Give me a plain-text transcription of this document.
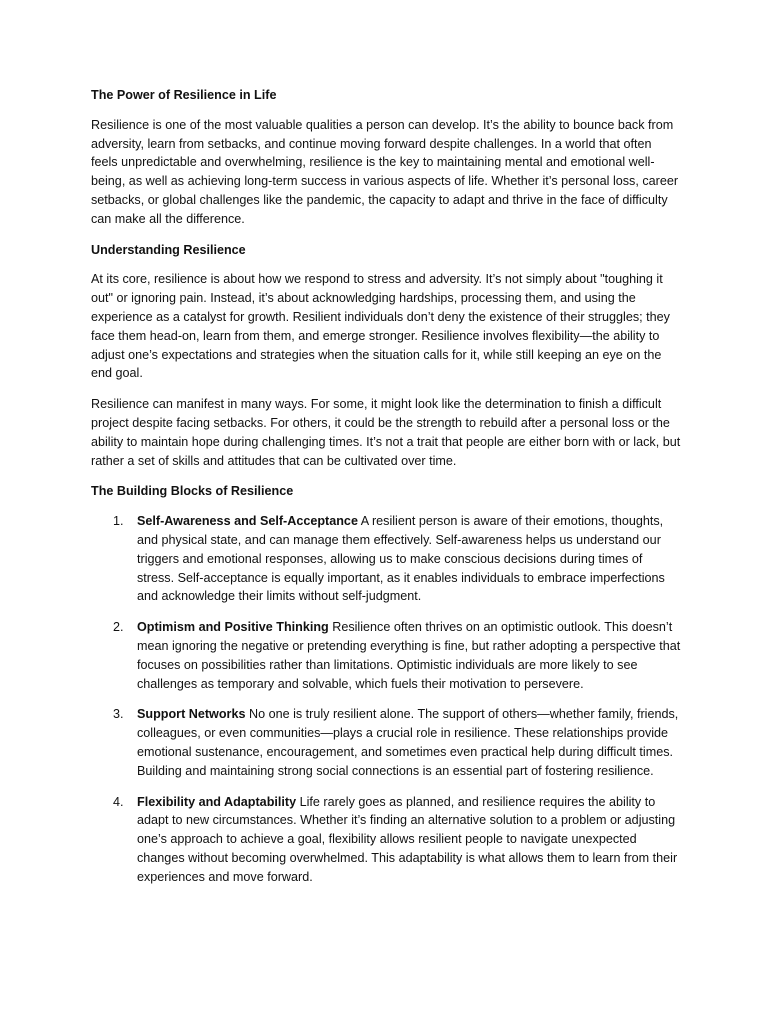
The Power of Resilience in Life

Resilience is one of the most valuable qualities a person can develop. It’s the ability to bounce back from adversity, learn from setbacks, and continue moving forward despite challenges. In a world that often feels unpredictable and overwhelming, resilience is the key to maintaining mental and emotional well-being, as well as achieving long-term success in various aspects of life. Whether it’s personal loss, career setbacks, or global challenges like the pandemic, the capacity to adapt and thrive in the face of difficulty can make all the difference.

Understanding Resilience

At its core, resilience is about how we respond to stress and adversity. It’s not simply about "toughing it out" or ignoring pain. Instead, it’s about acknowledging hardships, processing them, and using the experience as a catalyst for growth. Resilient individuals don’t deny the existence of their struggles; they face them head-on, learn from them, and emerge stronger. Resilience involves flexibility—the ability to adjust one’s expectations and strategies when the situation calls for it, while still keeping an eye on the end goal.

Resilience can manifest in many ways. For some, it might look like the determination to finish a difficult project despite facing setbacks. For others, it could be the strength to rebuild after a personal loss or the ability to maintain hope during challenging times. It’s not a trait that people are either born with or lack, but rather a set of skills and attitudes that can be cultivated over time.

The Building Blocks of Resilience
1. Self-Awareness and Self-Acceptance A resilient person is aware of their emotions, thoughts, and physical state, and can manage them effectively. Self-awareness helps us understand our triggers and emotional responses, allowing us to make conscious decisions during times of stress. Self-acceptance is equally important, as it enables individuals to embrace imperfections and acknowledge their limits without self-judgment.
2. Optimism and Positive Thinking Resilience often thrives on an optimistic outlook. This doesn’t mean ignoring the negative or pretending everything is fine, but rather adopting a perspective that focuses on possibilities rather than limitations. Optimistic individuals are more likely to see challenges as temporary and solvable, which fuels their motivation to persevere.
3. Support Networks No one is truly resilient alone. The support of others—whether family, friends, colleagues, or even communities—plays a crucial role in resilience. These relationships provide emotional sustenance, encouragement, and sometimes even practical help during difficult times. Building and maintaining strong social connections is an essential part of fostering resilience.
4. Flexibility and Adaptability Life rarely goes as planned, and resilience requires the ability to adapt to new circumstances. Whether it’s finding an alternative solution to a problem or adjusting one’s approach to achieve a goal, flexibility allows resilient people to navigate unexpected changes without becoming overwhelmed. This adaptability is what allows them to learn from their experiences and move forward.
